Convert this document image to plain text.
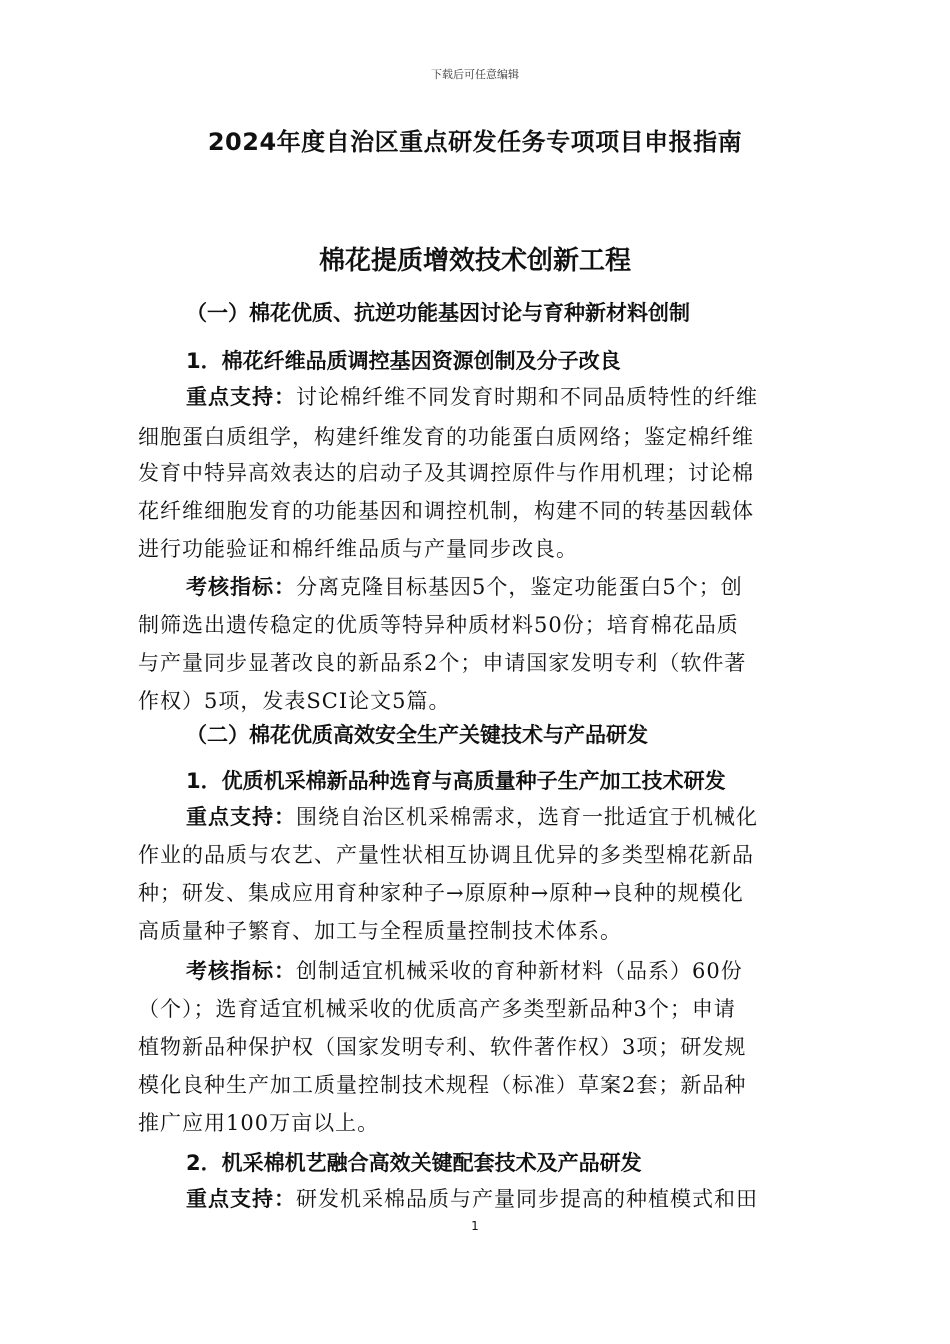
下载后可任意编辑
2024年度自治区重点研发任务专项项目申报指南
棉花提质增效技术创新工程
（一）棉花优质、抗逆功能基因讨论与育种新材料创制
1．棉花纤维品质调控基因资源创制及分子改良
重点支持：讨论棉纤维不同发育时期和不同品质特性的纤维
细胞蛋白质组学，构建纤维发育的功能蛋白质网络；鉴定棉纤维
发育中特异高效表达的启动子及其调控原件与作用机理；讨论棉
花纤维细胞发育的功能基因和调控机制，构建不同的转基因载体
进行功能验证和棉纤维品质与产量同步改良。
考核指标：分离克隆目标基因5个，鉴定功能蛋白5个；创
制筛选出遗传稳定的优质等特异种质材料50份；培育棉花品质
与产量同步显著改良的新品系2个；申请国家发明专利（软件著
作权）5项，发表SCI论文5篇。
（二）棉花优质高效安全生产关键技术与产品研发
1．优质机采棉新品种选育与高质量种子生产加工技术研发
重点支持：围绕自治区机采棉需求，选育一批适宜于机械化
作业的品质与农艺、产量性状相互协调且优异的多类型棉花新品
种；研发、集成应用育种家种子→原原种→原种→良种的规模化
高质量种子繁育、加工与全程质量控制技术体系。
考核指标：创制适宜机械采收的育种新材料（品系）60份
（个）；选育适宜机械采收的优质高产多类型新品种3个；申请
植物新品种保护权（国家发明专利、软件著作权）3项；研发规
模化良种生产加工质量控制技术规程（标准）草案2套；新品种
推广应用100万亩以上。
2．机采棉机艺融合高效关键配套技术及产品研发
重点支持：研发机采棉品质与产量同步提高的种植模式和田
1
